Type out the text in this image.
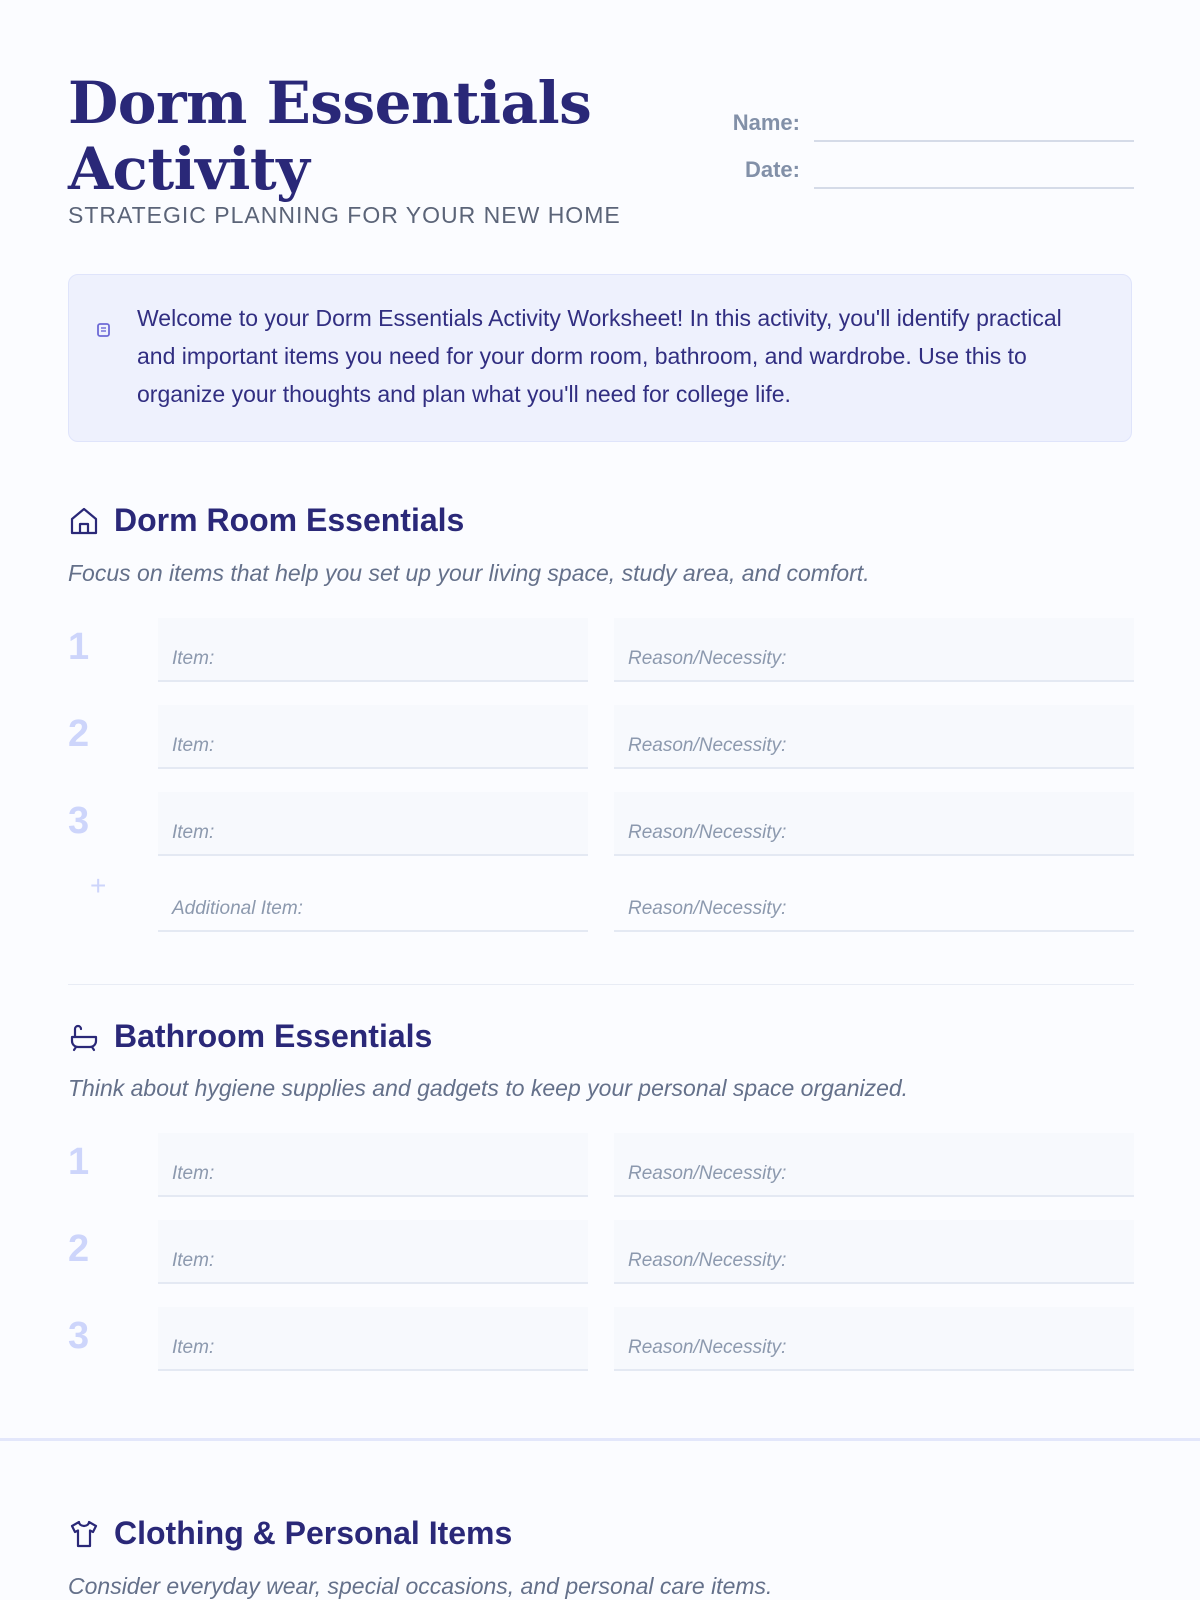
Dorm Essentials Activity
STRATEGIC PLANNING FOR YOUR NEW HOME
Name:
Date:
Welcome to your Dorm Essentials Activity Worksheet! In this activity, you'll identify practical and important items you need for your dorm room, bathroom, and wardrobe. Use this to organize your thoughts and plan what you'll need for college life.
Dorm Room Essentials
Focus on items that help you set up your living space, study area, and comfort.
1	Item:	Reason/Necessity:
2	Item:	Reason/Necessity:
3	Item:	Reason/Necessity:
+
Additional Item:	Reason/Necessity:
Bathroom Essentials
Think about hygiene supplies and gadgets to keep your personal space organized.
1	Item:	Reason/Necessity:
2	Item:	Reason/Necessity:
3	Item:	Reason/Necessity:
Clothing & Personal Items
Consider everyday wear, special occasions, and personal care items.
